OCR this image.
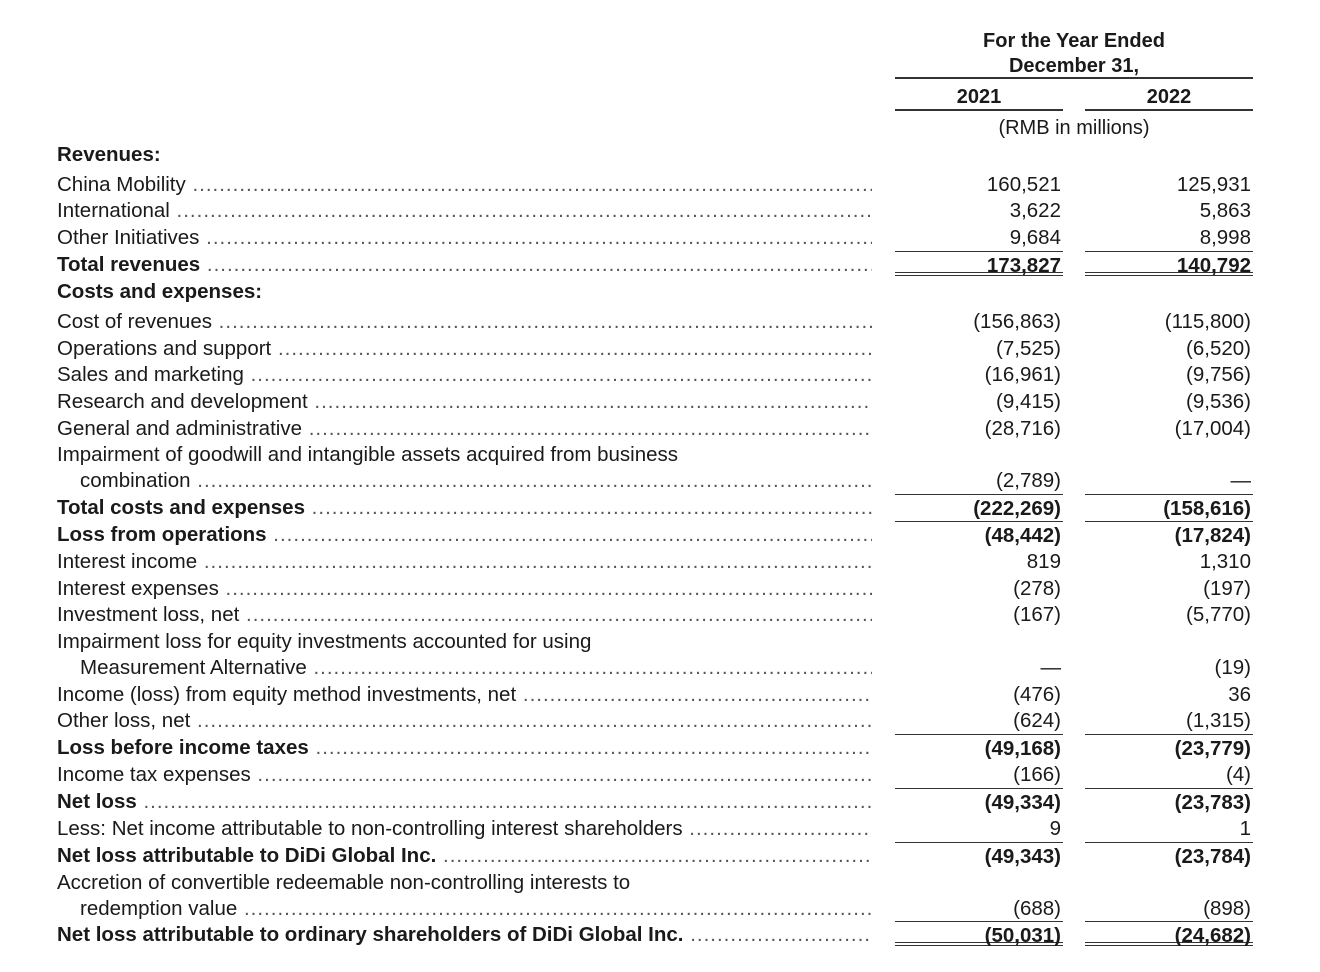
For the Year Ended
December 31,
2021	2022
(RMB in millions)
Revenues:
China Mobility .....	160,521	125,931
International .....	3,622	5,863
Other Initiatives .....	9,684	8,998
Total revenues .....	173,827	140,792
Costs and expenses:
Cost of revenues .....	(156,863)	(115,800)
Operations and support .....	(7,525)	(6,520)
Sales and marketing .....	(16,961)	(9,756)
Research and development .....	(9,415)	(9,536)
General and administrative .....	(28,716)	(17,004)
Impairment of goodwill and intangible assets acquired from business
combination .....	(2,789)	—
Total costs and expenses .....	(222,269)	(158,616)
Loss from operations .....	(48,442)	(17,824)
Interest income .....	819	1,310
Interest expenses .....	(278)	(197)
Investment loss, net .....	(167)	(5,770)
Impairment loss for equity investments accounted for using
Measurement Alternative .....	—	(19)
Income (loss) from equity method investments, net .....	(476)	36
Other loss, net .....	(624)	(1,315)
Loss before income taxes .....	(49,168)	(23,779)
Income tax expenses .....	(166)	(4)
Net loss .....	(49,334)	(23,783)
Less: Net income attributable to non-controlling interest shareholders .....	9	1
Net loss attributable to DiDi Global Inc. .....	(49,343)	(23,784)
Accretion of convertible redeemable non-controlling interests to
redemption value .....	(688)	(898)
Net loss attributable to ordinary shareholders of DiDi Global Inc. .....	(50,031)	(24,682)
